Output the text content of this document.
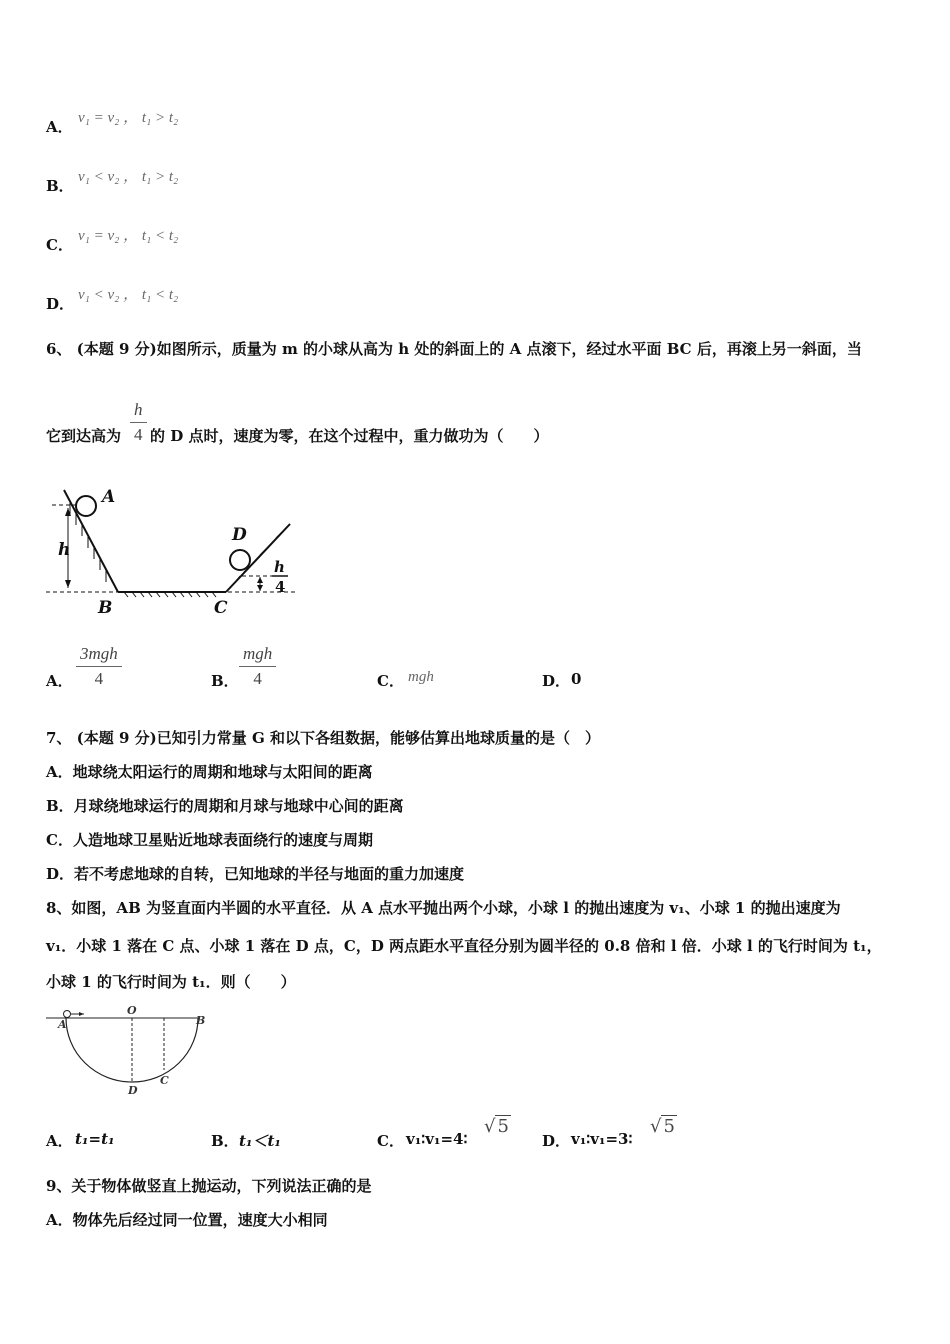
A． v₁ = v₂ ， t₁ > t₂
B． v₁ < v₂ ， t₁ > t₂
C． v₁ = v₂ ， t₁ < t₂
D． v₁ < v₂ ， t₁ < t₂
6、 (本题 9 分)如图所示，质量为 m 的小球从高为 h 处的斜面上的 A 点滚下，经过水平面 BC 后，再滚上另一斜面，当
它到达高为
h
4 的 D 点时，速度为零，在这个过程中，重力做功为（　　）
A
h
B	C
D
h
4
A．
3mgh
4	B．
mgh
4	C． mgh	D． 0
7、 (本题 9 分)已知引力常量 G 和以下各组数据，能够估算出地球质量的是（　）
A．地球绕太阳运行的周期和地球与太阳间的距离
B．月球绕地球运行的周期和月球与地球中心间的距离
C．人造地球卫星贴近地球表面绕行的速度与周期
D．若不考虑地球的自转，已知地球的半径与地面的重力加速度
8、如图，AB 为竖直面内半圆的水平直径．从 A 点水平抛出两个小球，小球 l 的抛出速度为 v₁、小球 1 的抛出速度为
v₁．小球 1 落在 C 点、小球 1 落在 D 点，C，D 两点距水平直径分别为圆半径的 0.8 倍和 l 倍．小球 l 的飞行时间为 t₁，
小球 1 的飞行时间为 t₁．则（　　）
A
O
B
D
C
A． t₁=t₁	B． t₁＜t₁	C． v₁∶v₁=4∶
√ 5
D． v₁∶v₁=3∶
√ 5
9、关于物体做竖直上抛运动，下列说法正确的是
A．物体先后经过同一位置，速度大小相同
